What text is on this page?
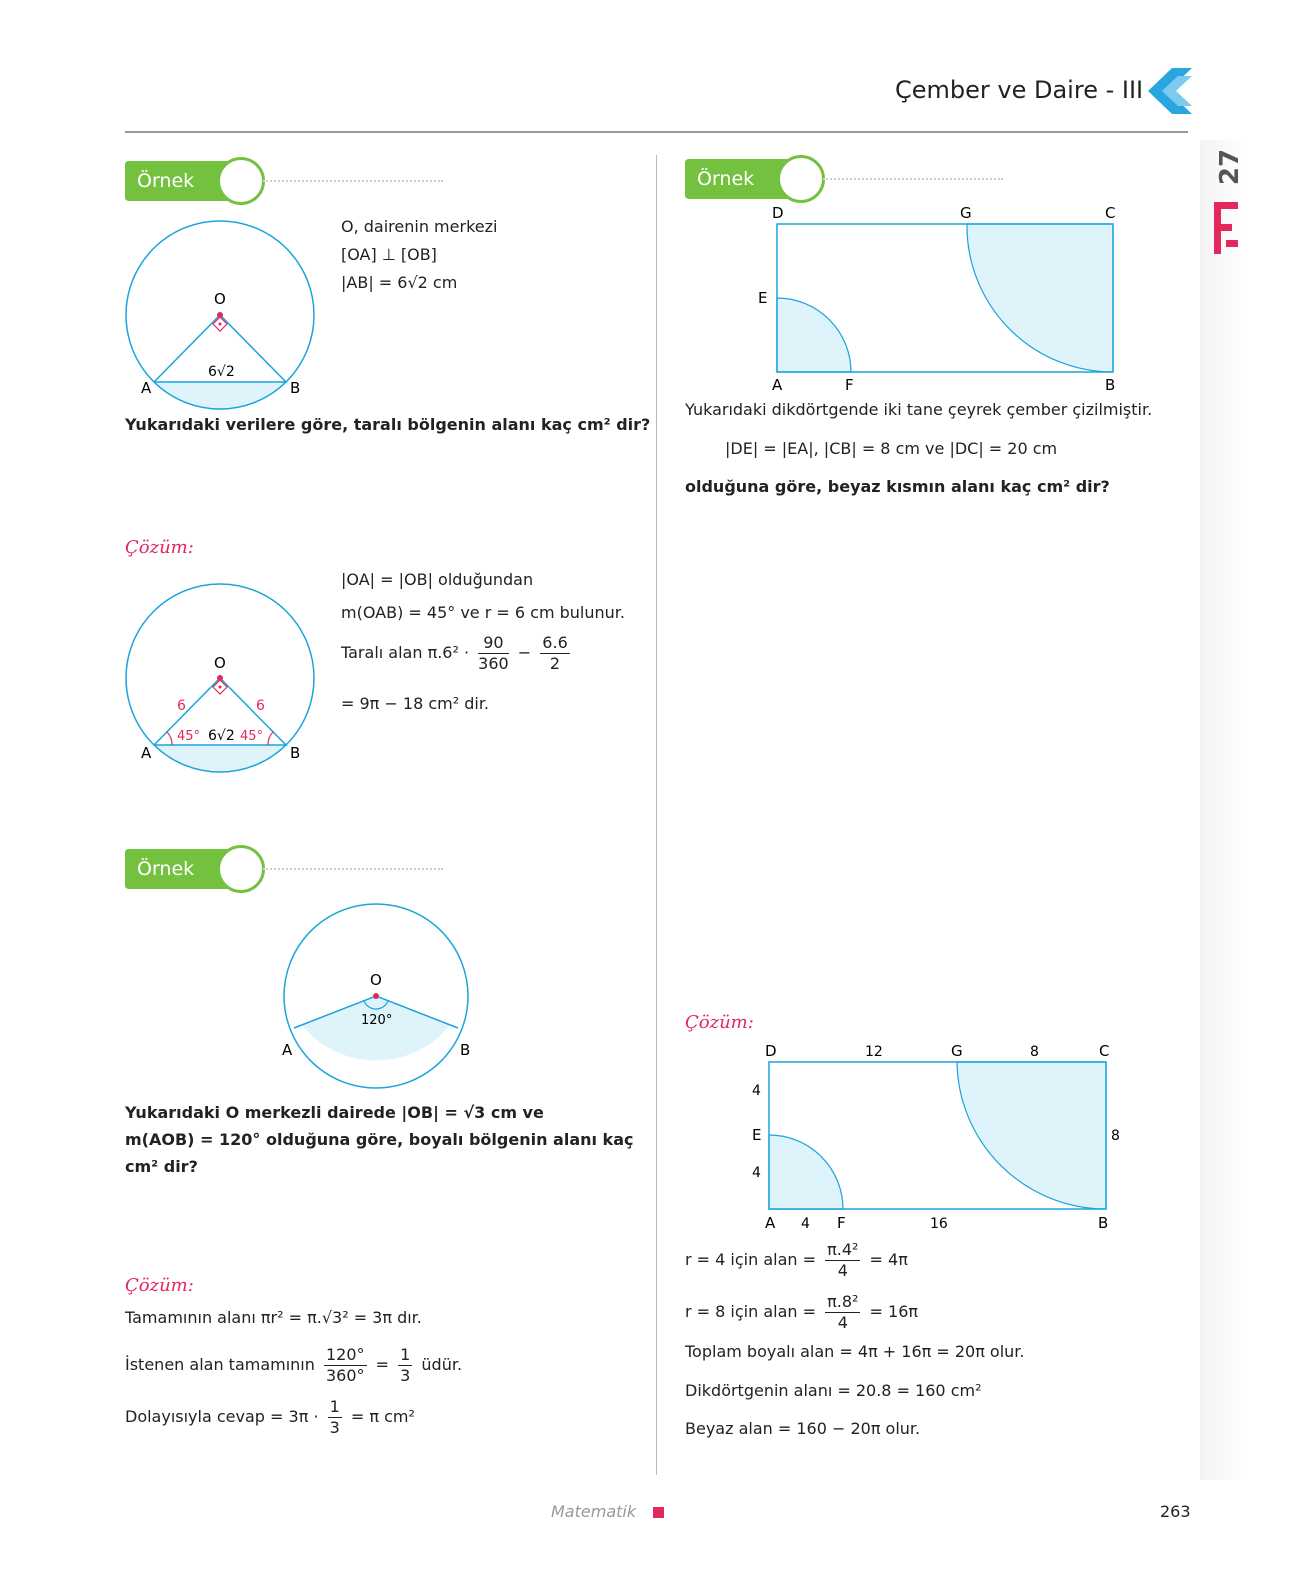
Çember ve Daire - III
27
Örnek
O
A	B
6√2
O, dairenin merkezi
[OA] ⊥ [OB]
|AB| = 6√2 cm
Yukarıdaki verilere göre, taralı bölgenin alanı kaç cm² dir?
Çözüm:
O
A	B
6	6
45°	45°
6√2
|OA| = |OB| olduğundan
m(OAB) = 45° ve r = 6 cm bulunur.
Taralı alan $\pi.6^2 \cdot \frac{90}{360} - \frac{6.6}{2}$
= 9π − 18 cm² dir.
Örnek
O
A	B
120°
Yukarıdaki O merkezli dairede |OB| = √3 cm ve
m(AOB) = 120° olduğuna göre, boyalı bölgenin alanı kaç
cm² dir?
Çözüm:
Tamamının alanı πr² = π.√3² = 3π dır.
İstenen alan tamamının $\frac{120^\circ}{360^\circ} = \frac{1}{3}$ üdür.
Dolayısıyla cevap = $3\pi \cdot \frac{1}{3} = \pi$ cm²
Örnek
D	G	C
E
A	F	B
Yukarıdaki dikdörtgende iki tane çeyrek çember çizilmiştir.
|DE| = |EA|, |CB| = 8 cm ve |DC| = 20 cm
olduğuna göre, beyaz kısmın alanı kaç cm² dir?
Çözüm:
D	12	G	8	C
4
E
4
8
A 4 F	16	B
r = 4 için alan = $\frac{\text{π.4²}}{4} = 4\pi$
r = 8 için alan = $\frac{\text{π.8²}}{4} = 16\pi$
Toplam boyalı alan = 4π + 16π = 20π olur.
Dikdörtgenin alanı = 20.8 = 160 cm²
Beyaz alan = 160 − 20π olur.
Matematik	263
